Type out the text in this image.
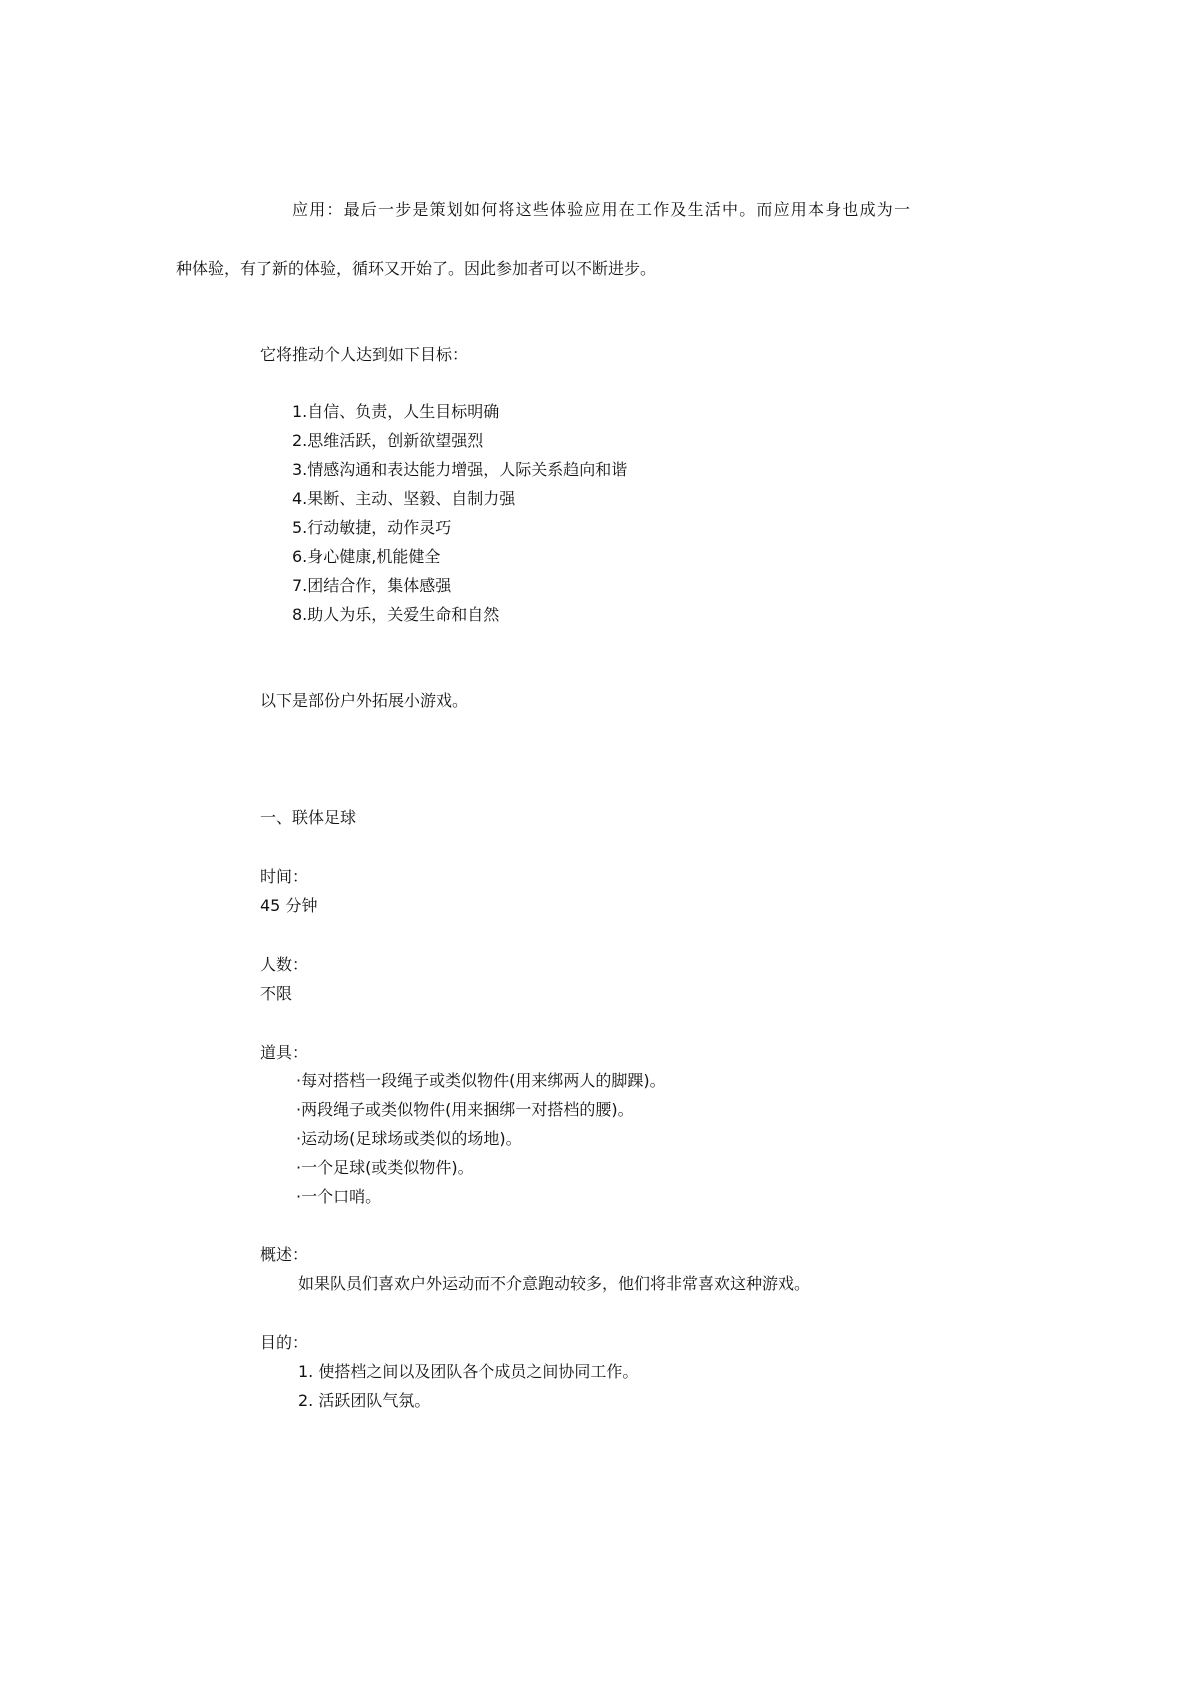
应用：最后一步是策划如何将这些体验应用在工作及生活中。而应用本身也成为一

种体验，有了新的体验，循环又开始了。因此参加者可以不断进步。

它将推动个人达到如下目标：

1.自信、负责，人生目标明确

2.思维活跃，创新欲望强烈

3.情感沟通和表达能力增强，人际关系趋向和谐

4.果断、主动、坚毅、自制力强

5.行动敏捷，动作灵巧

6.身心健康,机能健全

7.团结合作，集体感强

8.助人为乐，关爱生命和自然

以下是部份户外拓展小游戏。

一、联体足球

时间：

45 分钟

人数：

不限

道具：

·每对搭档一段绳子或类似物件(用来绑两人的脚踝)。

·两段绳子或类似物件(用来捆绑一对搭档的腰)。

·运动场(足球场或类似的场地)。

·一个足球(或类似物件)。

·一个口哨。

概述：

如果队员们喜欢户外运动而不介意跑动较多，他们将非常喜欢这种游戏。

目的：

1. 使搭档之间以及团队各个成员之间协同工作。

2. 活跃团队气氛。
